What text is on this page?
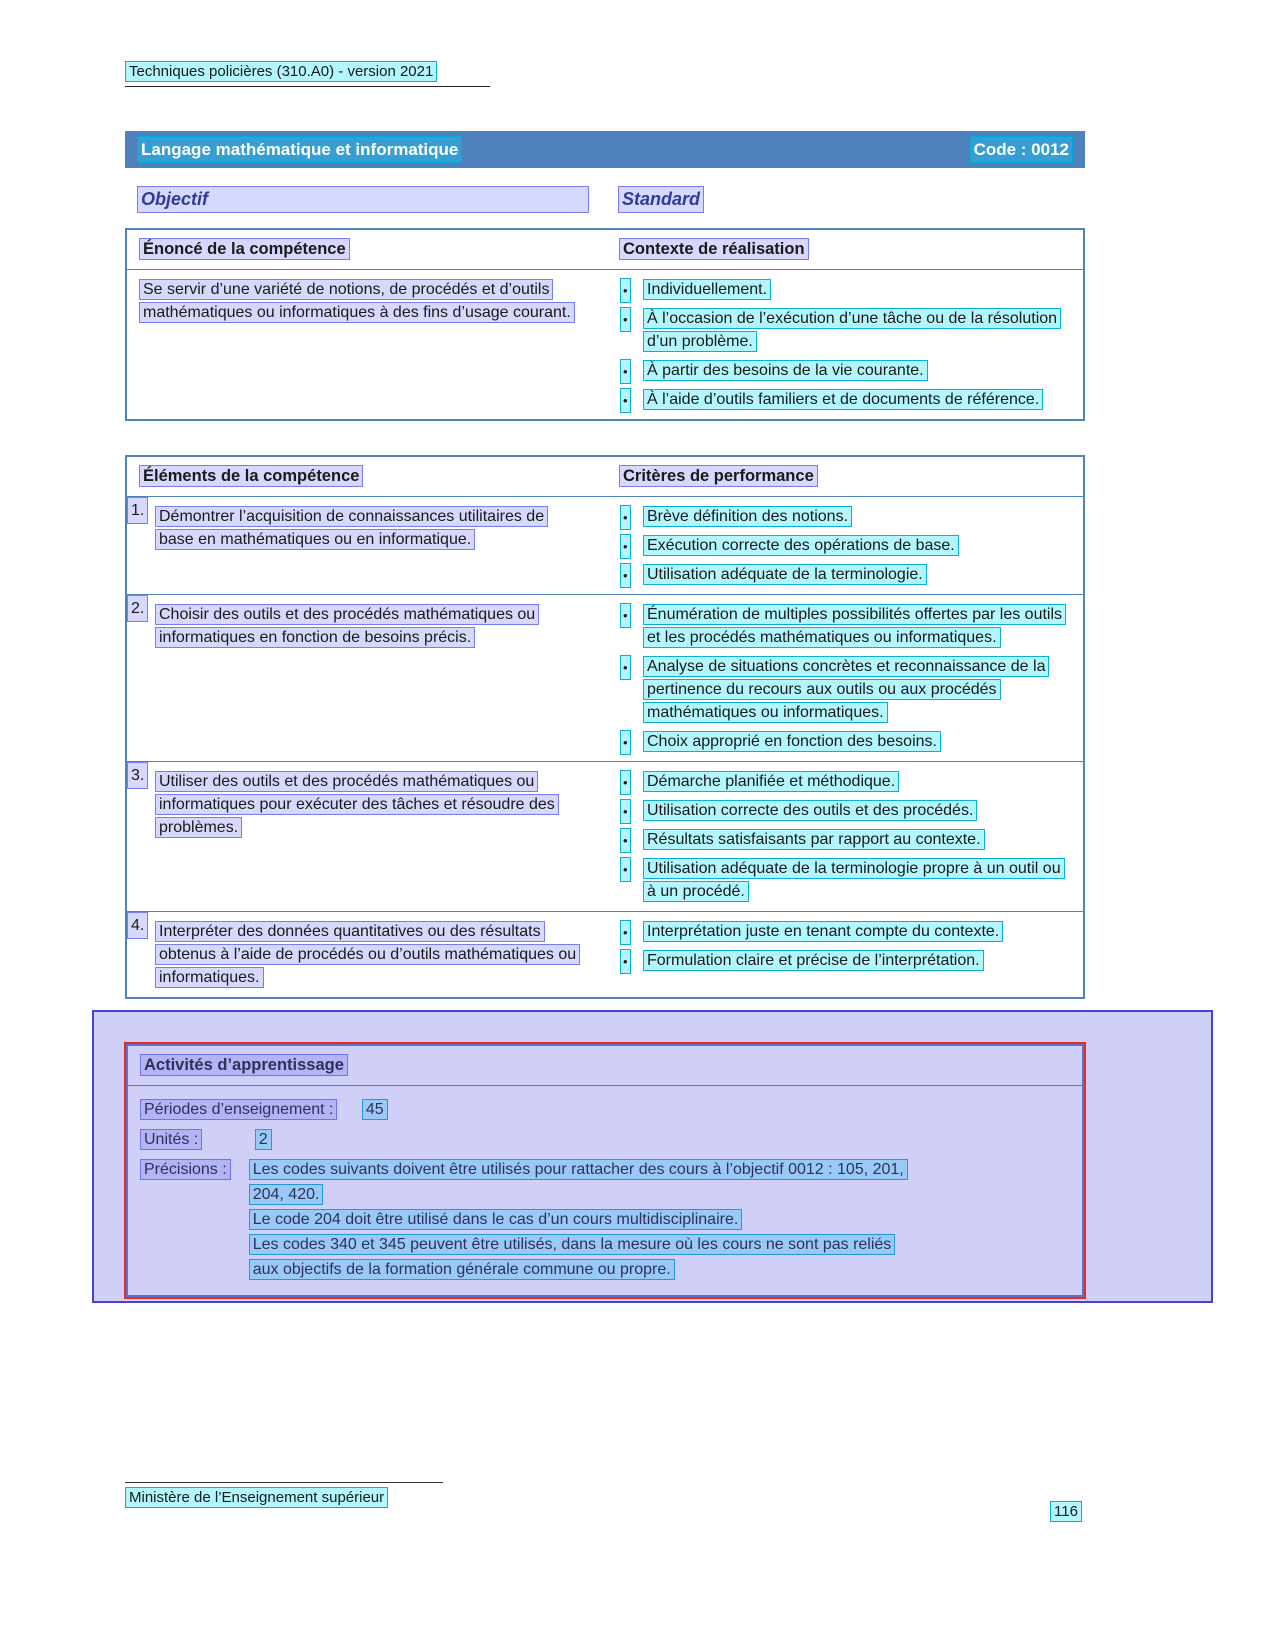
Techniques policières (310.A0) - version 2021
Langage mathématique et informatique	Code : 0012
Objectif	Standard
Énoncé de la compétence	Contexte de réalisation
Se servir d’une variété de notions, de procédés et d’outils mathématiques ou informatiques à des fins d’usage courant.
• Individuellement.
• À l’occasion de l’exécution d’une tâche ou de la résolution d’un problème.
• À partir des besoins de la vie courante.
• À l’aide d’outils familiers et de documents de référence.
Éléments de la compétence	Critères de performance
1. Démontrer l’acquisition de connaissances utilitaires de base en mathématiques ou en informatique.
• Brève définition des notions.
• Exécution correcte des opérations de base.
• Utilisation adéquate de la terminologie.
2. Choisir des outils et des procédés mathématiques ou informatiques en fonction de besoins précis.
• Énumération de multiples possibilités offertes par les outils et les procédés mathématiques ou informatiques.
• Analyse de situations concrètes et reconnaissance de la pertinence du recours aux outils ou aux procédés mathématiques ou informatiques.
• Choix approprié en fonction des besoins.
3. Utiliser des outils et des procédés mathématiques ou informatiques pour exécuter des tâches et résoudre des problèmes.
• Démarche planifiée et méthodique.
• Utilisation correcte des outils et des procédés.
• Résultats satisfaisants par rapport au contexte.
• Utilisation adéquate de la terminologie propre à un outil ou à un procédé.
4. Interpréter des données quantitatives ou des résultats obtenus à l’aide de procédés ou d’outils mathématiques ou informatiques.
• Interprétation juste en tenant compte du contexte.
• Formulation claire et précise de l’interprétation.
Activités d’apprentissage
Périodes d’enseignement : 45
Unités :	2
Précisions : Les codes suivants doivent être utilisés pour rattacher des cours à l’objectif 0012 : 105, 201,
204, 420.
Le code 204 doit être utilisé dans le cas d’un cours multidisciplinaire.
Les codes 340 et 345 peuvent être utilisés, dans la mesure où les cours ne sont pas reliés
aux objectifs de la formation générale commune ou propre.
Ministère de l’Enseignement supérieur
116
